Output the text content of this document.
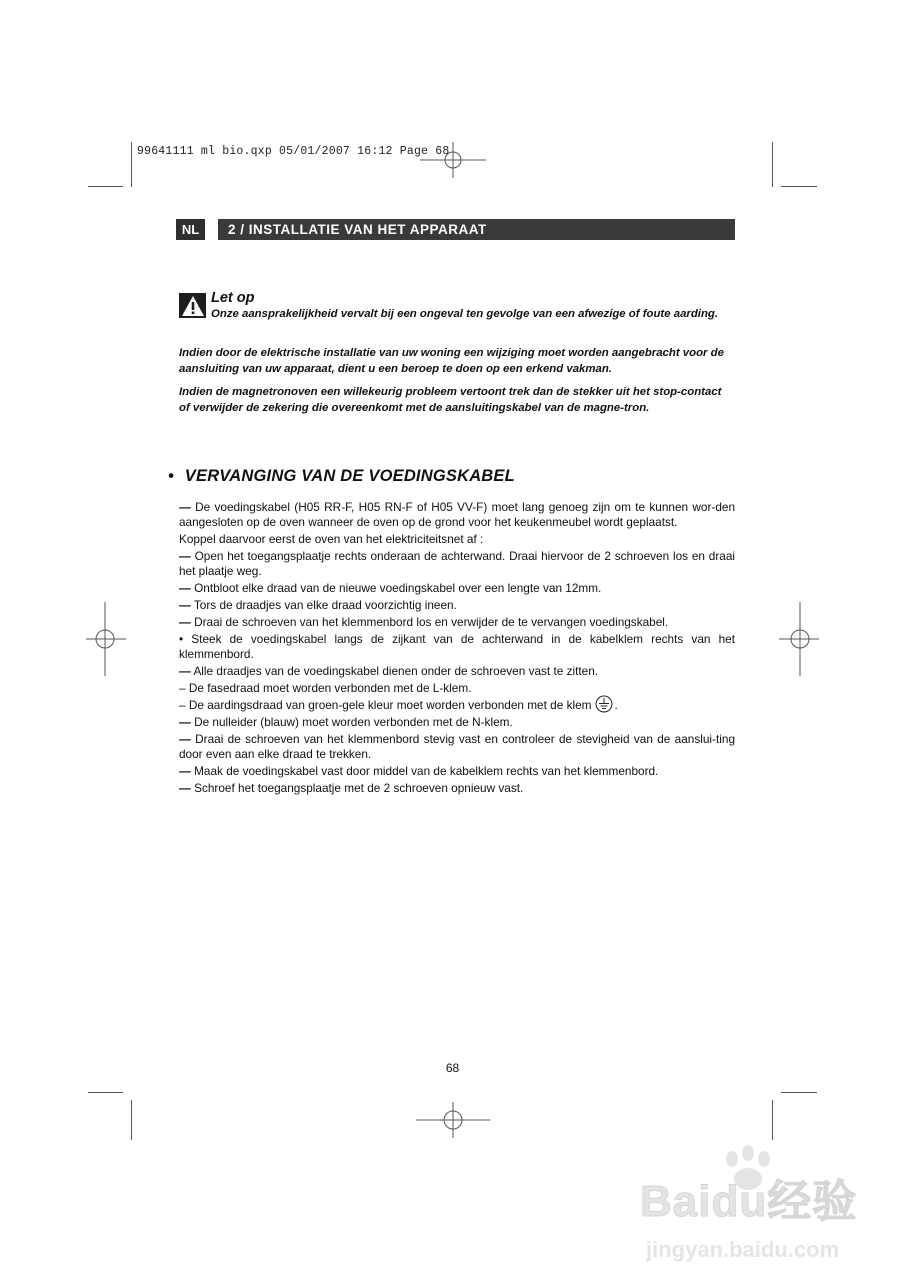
99641111 ml bio.qxp 05/01/2007 16:12 Page 68
NL	2 / INSTALLATIE VAN HET APPARAAT
Let op
Onze aansprakelijkheid vervalt bij een ongeval ten gevolge van een afwezige of foute aarding.
Indien door de elektrische installatie van uw woning een wijziging moet worden aangebracht voor de aansluiting van uw apparaat, dient u een beroep te doen op een erkend vakman.
Indien de magnetronoven een willekeurig probleem vertoont trek dan de stekker uit het stop-contact of verwijder de zekering die overeenkomt met de aansluitingskabel van de magne-tron.
• VERVANGING VAN DE VOEDINGSKABEL

— De voedingskabel (H05 RR-F, H05 RN-F of H05 VV-F) moet lang genoeg zijn om te kunnen wor-den aangesloten op de oven wanneer de oven op de grond voor het keukenmeubel wordt geplaatst.

Koppel daarvoor eerst de oven van het elektriciteitsnet af :

— Open het toegangsplaatje rechts onderaan de achterwand. Draai hiervoor de 2 schroeven los en draai het plaatje weg.

— Ontbloot elke draad van de nieuwe voedingskabel over een lengte van 12mm.

— Tors de draadjes van elke draad voorzichtig ineen.

— Draai de schroeven van het klemmenbord los en verwijder de te vervangen voedingskabel.

• Steek de voedingskabel langs de zijkant van de achterwand in de kabelklem rechts van het klemmenbord.

— Alle draadjes van de voedingskabel dienen onder de schroeven vast te zitten.

– De fasedraad moet worden verbonden met de L-klem.

– De aardingsdraad van groen-gele kleur moet worden verbonden met de klem .

— De nulleider (blauw) moet worden verbonden met de N-klem.

— Draai de schroeven van het klemmenbord stevig vast en controleer de stevigheid van de aanslui-ting door even aan elke draad te trekken.

— Maak de voedingskabel vast door middel van de kabelklem rechts van het klemmenbord.

— Schroef het toegangsplaatje met de 2 schroeven opnieuw vast.

68
Baidu经验
jingyan.baidu.com
